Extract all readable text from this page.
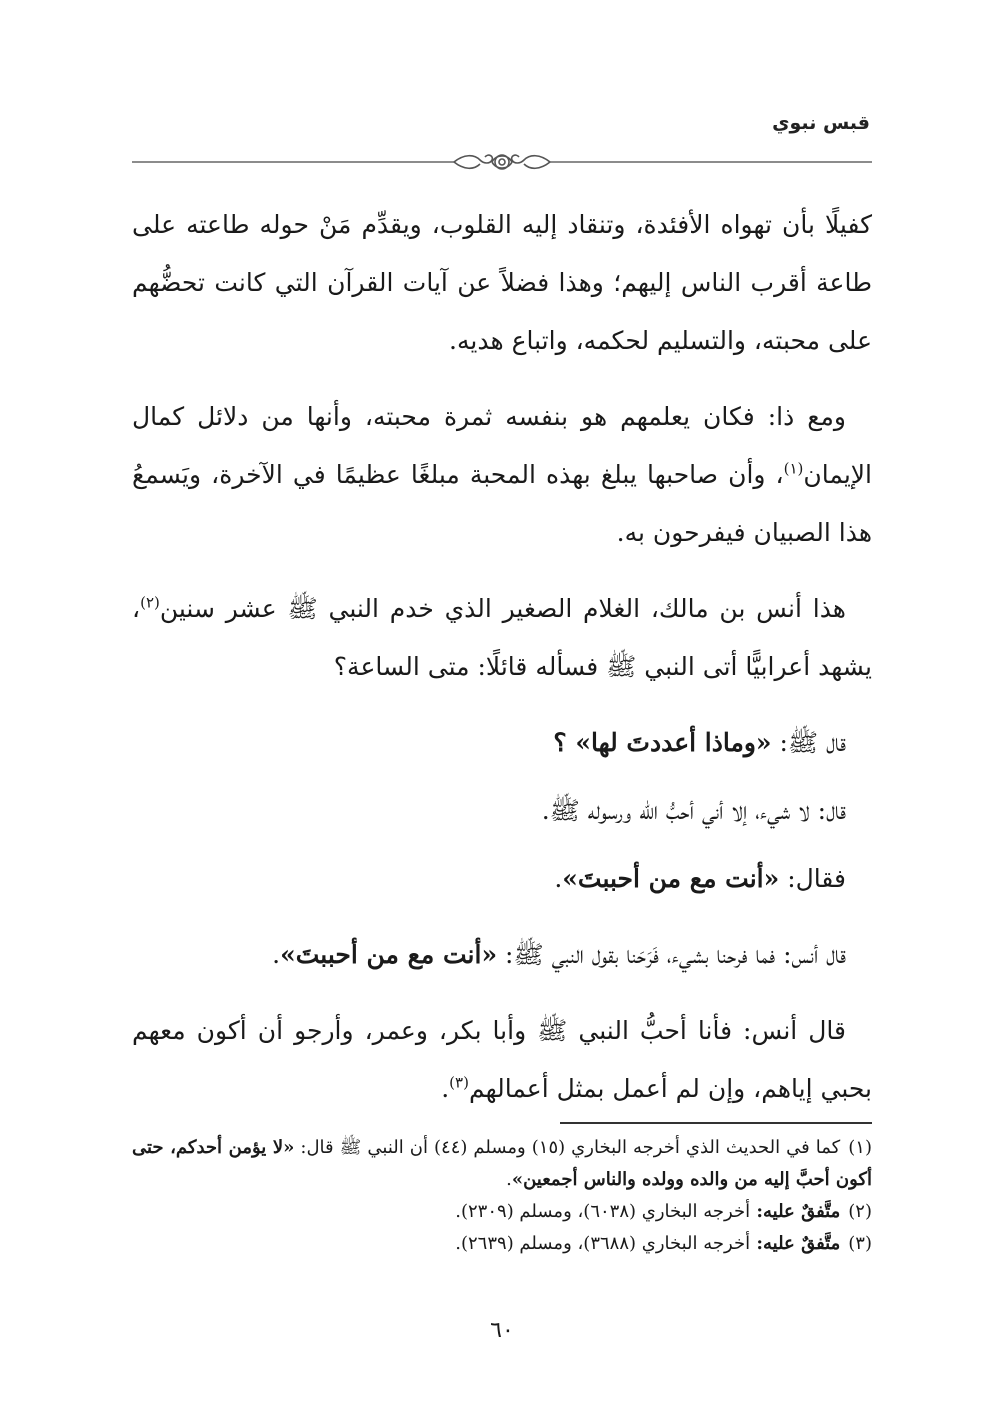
قبس نبوي

كفيلًا بأن تهواه الأفئدة، وتنقاد إليه القلوب، ويقدِّم مَنْ حوله طاعته على طاعة أقرب الناس إليهم؛ وهذا فضلاً عن آيات القرآن التي كانت تحضُّهم على محبته، والتسليم لحكمه، واتباع هديه.

ومع ذا: فكان يعلمهم هو بنفسه ثمرة محبته، وأنها من دلائل كمال الإيمان$^{(١)}$، وأن صاحبها يبلغ بهذه المحبة مبلغًا عظيمًا في الآخرة، ويَسمعُ هذا الصبيان فيفرحون به.

هذا أنس بن مالك، الغلام الصغير الذي خدم النبي ﷺ عشر سنين$^{(٢)}$، يشهد أعرابيًّا أتى النبي ﷺ فسأله قائلًا: متى الساعة؟

قال ﷺ: «وماذا أعددتَ لها» ؟

قال: لا شيء، إلا أني أحبُّ الله ورسوله ﷺ.

فقال: «أنت مع من أحببتَ».

قال أنس: فما فرحنا بشيء، فَرَحَنا بقول النبي ﷺ: «أنت مع من أحببتَ».

قال أنس: فأنا أحبُّ النبي ﷺ وأبا بكر، وعمر، وأرجو أن أكون معهم بحبي إياهم، وإن لم أعمل بمثل أعمالهم$^{(٣)}$.

(١)كما في الحديث الذي أخرجه البخاري (١٥) ومسلم (٤٤) أن النبي ﷺ قال: «لا يؤمن أحدكم، حتى أكون أحبَّ إليه من والده وولده والناس أجمعين».

(٢)متَّفقٌ عليه: أخرجه البخاري (٦٠٣٨)، ومسلم (٢٣٠٩).

(٣)متَّفقٌ عليه: أخرجه البخاري (٣٦٨٨)، ومسلم (٢٦٣٩).

٦٠
